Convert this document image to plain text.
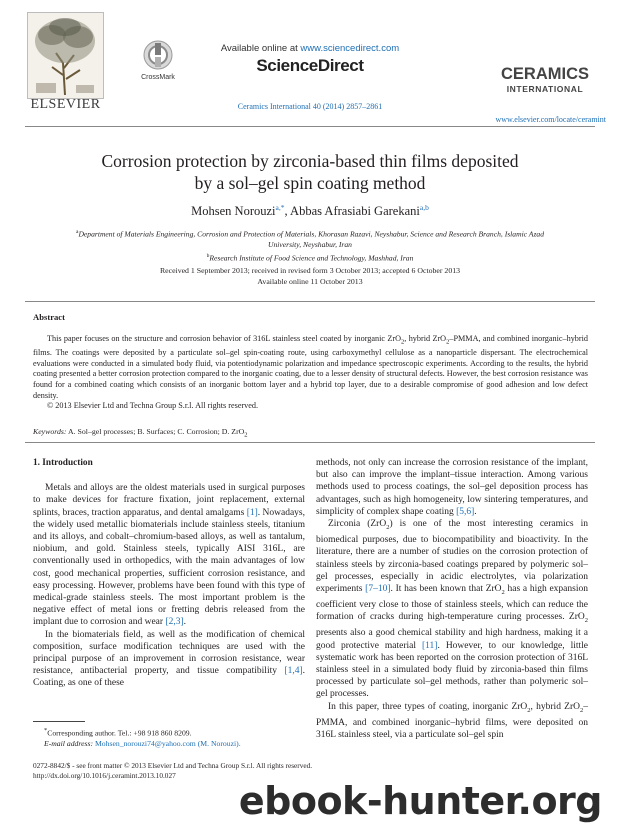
ELSEVIER
CrossMark
Available online at www.sciencedirect.com
ScienceDirect
Ceramics International 40 (2014) 2857–2861
CERAMICS
INTERNATIONAL
www.elsevier.com/locate/ceramint
Corrosion protection by zirconia-based thin films deposited
by a sol–gel spin coating method
Mohsen Norouzi$^{a,*}$, Abbas Afrasiabi Garekani$^{a,b}$

$^a$Department of Materials Engineering, Corrosion and Protection of Materials, Khorasan Razavi, Neyshabur, Science and Research Branch, Islamic Azad University, Neyshabur, Iran

$^b$Research Institute of Food Science and Technology, Mashhad, Iran

Received 1 September 2013; received in revised form 3 October 2013; accepted 6 October 2013

Available online 11 October 2013

Abstract

This paper focuses on the structure and corrosion behavior of 316L stainless steel coated by inorganic ZrO$_2$, hybrid ZrO$_2$–PMMA, and combined inorganic–hybrid films. The coatings were deposited by a particulate sol–gel spin-coating route, using carboxymethyl cellulose as a nanoparticle dispersant. The electrochemical evaluations were conducted in a simulated body fluid, via potentiodynamic polarization and impedance spectroscopic experiments. According to the results, the hybrid coating presented a better corrosion protection compared to the inorganic coating, due to a lesser density of structural defects. However, the best corrosion resistance was found for a combined coating which consists of an inorganic bottom layer and a hybrid top layer, due to a desirable compromise of good adhesion and low defect density.

© 2013 Elsevier Ltd and Techna Group S.r.l. All rights reserved.
Keywords: A. Sol–gel processes; B. Surfaces; C. Corrosion; D. ZrO$_2$

1. Introduction

Metals and alloys are the oldest materials used in surgical purposes to make devices for fracture fixation, joint replacement, external splints, braces, traction apparatus, and dental amalgams [1]. Nowadays, the widely used metallic biomaterials include stainless steels, titanium and its alloys, and cobalt–chromium-based alloys, as well as tantalum, niobium, and gold. Stainless steels, typically AISI 316L, are conventionally used in orthopedics, with the main advantages of low cost, good mechanical properties, sufficient corrosion resistance, and easy processing. However, problems have been found with this type of medical-grade stainless steels. The most important problem is the negative effect of metal ions or fretting debris released from the implant due to corrosion and wear [2,3].

In the biomaterials field, as well as the modification of chemical composition, surface modification techniques are used with the principal purpose of an improvement in corrosion resistance, wear resistance, antibacterial property, and tissue compatibility [1,4]. Coating, as one of these

methods, not only can increase the corrosion resistance of the implant, but also can improve the implant–tissue interaction. Among various methods used to process coatings, the sol–gel deposition process has advantages, such as high homogeneity, low sintering temperatures, and simplicity of complex shape coating [5,6].

Zirconia (ZrO$_2$) is one of the most interesting ceramics in biomedical purposes, due to biocompatibility and bioactivity. In the literature, there are a number of studies on the corrosion protection of stainless steels by zirconia-based coatings prepared by polymeric sol–gel processes, especially in acidic electrolytes, via polarization experiments [7–10]. It has been known that ZrO$_2$ has a high expansion coefficient very close to those of stainless steels, which can reduce the formation of cracks during high-temperature curing processes. ZrO$_2$ presents also a good chemical stability and high hardness, making it a good protective material [11]. However, to our knowledge, little systematic work has been reported on the corrosion protection of 316L stainless steel in a simulated body fluid by zirconia-based thin films processed by particulate sol–gel methods, rather than polymeric sol–gel processes.

In this paper, three types of coating, inorganic ZrO$_2$, hybrid ZrO$_2$–PMMA, and combined inorganic–hybrid films, were deposited on 316L stainless steel, via a particulate sol–gel spin

*Corresponding author. Tel.: +98 918 860 8209.

E-mail address: Mohsen_norouzi74@yahoo.com (M. Norouzi).

0272-8842/$ - see front matter © 2013 Elsevier Ltd and Techna Group S.r.l. All rights reserved.

http://dx.doi.org/10.1016/j.ceramint.2013.10.027

ebook-hunter.org
